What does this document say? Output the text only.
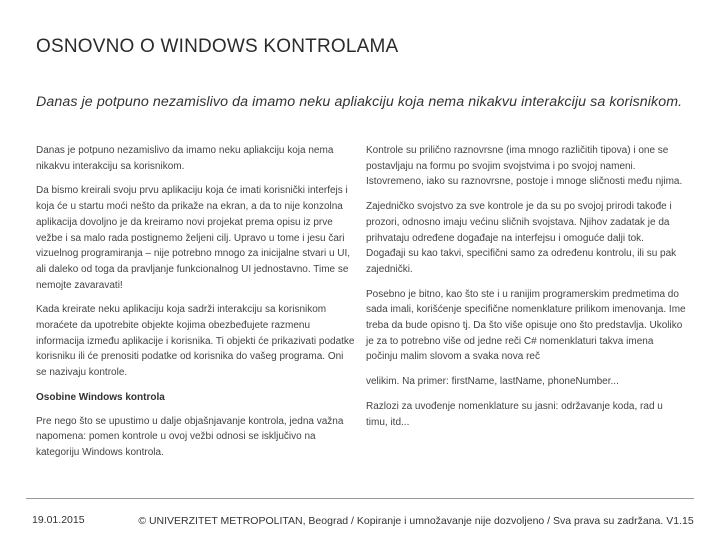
OSNOVNO O WINDOWS KONTROLAMA
Danas je potpuno nezamislivo da imamo neku apliakciju koja nema nikakvu interakciju sa korisnikom.

Danas je potpuno nezamislivo da imamo neku apliakciju koja nema nikakvu interakciju sa korisnikom.

Da bismo kreirali svoju prvu aplikaciju koja će imati korisnički interfejs i koja će u startu moći nešto da prikaže na ekran, a da to nije konzolna aplikacija dovoljno je da kreiramo novi projekat prema opisu iz prve vežbe i sa malo rada postignemo željeni cilj. Upravo u tome i jesu čari vizuelnog programiranja – nije potrebno mnogo za inicijalne stvari u UI, ali daleko od toga da pravljanje funkcionalnog UI jednostavno. Time se nemojte zavaravati!

Kada kreirate neku aplikaciju koja sadrži interakciju sa korisnikom moraćete da upotrebite objekte kojima obezbeđujete razmenu informacija između aplikacije i korisnika. Ti objekti će prikazivati podatke korisniku ili će prenositi podatke od korisnika do vašeg programa. Oni se nazivaju kontrole.

Osobine Windows kontrola

Pre nego što se upustimo u dalje objašnjavanje kontrola, jedna važna napomena: pomen kontrole u ovoj vežbi odnosi se isključivo na kategoriju Windows kontrola.

Kontrole su prilično raznovrsne (ima mnogo različitih tipova) i one se postavljaju na formu po svojim svojstvima i po svojoj nameni. Istovremeno, iako su raznovrsne, postoje i mnoge sličnosti među njima.

Zajedničko svojstvo za sve kontrole je da su po svojoj prirodi takođe i prozori, odnosno imaju većinu sličnih svojstava. Njihov zadatak je da prihvataju određene događaje na interfejsu i omoguće dalji tok. Događaji su kao takvi, specifični samo za određenu kontrolu, ili su pak zajednički.

Posebno je bitno, kao što ste i u ranijim programerskim predmetima do sada imali, korišćenje specifične nomenklature prilikom imenovanja. Ime treba da bude opisno tj. Da što više opisuje ono što predstavlja. Ukoliko je za to potrebno više od jedne reči C# nomenklaturi takva imena počinju malim slovom a svaka nova reč

velikim. Na primer: firstName, lastName, phoneNumber...

Razlozi za uvođenje nomenklature su jasni: održavanje koda, rad u timu, itd...

19.01.2015	© UNIVERZITET METROPOLITAN, Beograd / Kopiranje i umnožavanje nije dozvoljeno / Sva prava su zadržana. V1.15
